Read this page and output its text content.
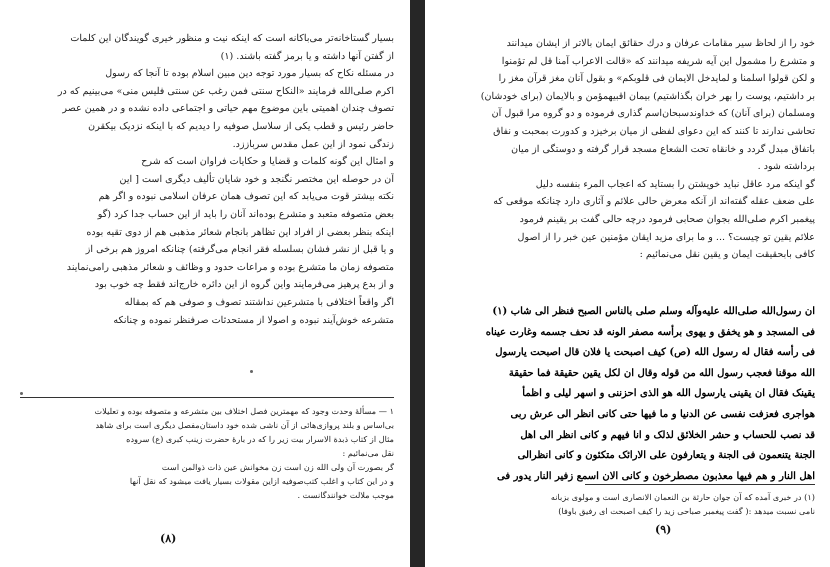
بسیار گستاخانه‌تر می‌باکانه است که اینکه نیت و منظور خیری گویندگان این کلمات
از گفتن آنها داشته و یا برمز گفته باشند. (۱)
در مسئله نکاح که بسیار مورد توجه دین مبین اسلام بوده تا آنجا که رسول
اکرم صلی‌الله فرمایند «النکاح سنتی فمن رغب عن سنتی فلیس منی» می‌بینیم که در
تصوف چندان اهمیتی باین موضوع مهم حیاتی و اجتماعی داده نشده و در همین عصر
حاضر رئیس و قطب یکی از سلاسل صوفیه را دیدیم که با اینکه نزدیک بیکقرن
زندگی نمود از این عمل مقدس سرباززد.
و امثال این گونه کلمات و قضایا و حکایات فراوان است که شرح
آن در حوصله این مختصر نگنجد و خود شایان تألیف دیگری است [ این
نکته بیشتر قوت می‌یابد که این تصوف همان عرفان اسلامی نبوده و اگر هم
بعض متصوفه متعبد و متشرع بوده‌اند آنان را باید از این حساب جدا کرد (گو
اینکه بنظر بعضی از افراد این تظاهر بانجام شعائر مذهبی هم از دوی تقیه بوده
و یا قبل از نشر فشان بسلسله فقر انجام می‌گرفته) چنانکه امروز هم برخی از
متصوفه زمان ما متشرع بوده و مراعات حدود و وظائف و شعائر مذهبی رامی‌نمایند
و از بدع پرهیز می‌فرمایند واین گروه از این دائره خارج‌اند فقط چه خوب بود
اگر واقعاً اختلافی با متشرعین نداشتند تصوف و صوفی هم که بمقاله
متشرعه خوش‌آیند نبوده و اصولا از مستحدثات صرفنظر نموده و چنانکه
۱ — مسألهٔ وحدت وجود که مهمترین فصل اختلاف بین متشرعه و متصوفه بوده و تعلیلات
بی‌اساس و بلند پروازی‌هائی از آن ناشی شده خود داستان‌مفصل دیگری است برای شاهد
مثال از کتاب ذبدة الاسرار بیت زیر را که در بارهٔ حضرت زینب کبری (ع) سروده
نقل می‌نمائیم :
گر بصورت آن ولی الله زن است زن مخوانش عین ذات ذوالمن است
و در این کتاب و اغلب کتب‌صوفیه ازاین مقولات بسیار یافت میشود که نقل آنها
موجب ملالت خوانندگانست .
(۸)
خود را از لحاظ سیر مقامات عرفان و درك حقائق ایمان بالاتر از ایشان میدانند
و متشرع را مشمول این آیه شریفه میدانند که «قالت الاعراب آمنا قل لم تؤمنوا
و لکن قولوا اسلمنا و لمایدخل الایمان فی قلوبکم» و بقول آنان مغز قرآن مغز را
بر داشتیم، پوست را بهر خران بگذاشتیم) بیمان اقبیهمؤمن و بالایمان (برای خودشان)
ومسلمان (برای آنان) که خداوندسبحان‌اسم گذاری فرموده و دو گروه مرا قبول آن
تحاشی ندارند تا کنند که این دعوای لفظی از میان برخیزد و کدورت بمحبت و نفاق
باتفاق مبدل گردد و خانقاه تحت الشعاع مسجد قرار گرفته و دوستگی از میان
برداشته شود .
گو اینکه مرد عاقل نباید خویشتن را بستاید که اعجاب المرء بنفسه دلیل
علی ضعف عقله گفته‌اند از آنکه معرض حالی علائم و آثاری دارد چنانکه موقعی که
پیغمبر اکرم صلی‌الله بجوان صحابی فرمود درچه حالی گفت بر یقینم فرمود
علائم یقین تو چیست؟ ... و ما برای مزید ایقان مؤمنین عین خبر را از اصول
کافی بابحقیقت ایمان و یقین نقل می‌نمائیم :
ان رسول‌الله صلی‌الله علیه‌وآله وسلم صلی بالناس الصبح فنظر الی شاب (۱)
فی المسجد و هو یخفق و یهوی برأسه مصفر الونه قد نحف جسمه وغارت عیناه
فی رأسه فقال له رسول الله (ص) کیف اصبحت یا فلان قال اصبحت یارسول
الله موقنا فعجب رسول الله من قوله وقال ان لکل یقین حقیقة فما حقیقة
یقینک فقال ان یقینی یارسول الله هو الذی احزننی و اسهر لیلی و اظمأ
هواجری فعزفت نفسی عن الدنیا و ما فیها حتی کانی انظر الی عرش ربی
قد نصب للحساب و حشر الخلائق لذلک و انا فیهم و کانی انظر الی اهل
الجنة یتنعمون فی الجنة و یتعارفون علی الارائک متکئون و کانی انظرالی
اهل النار و هم فیها معذبون مصطرخون و کانی الان اسمع زفیر النار یدور فی
(۱) در خبری آمده که آن جوان حارثة بن النعمان الانصاری است و مولوی بزبانه
نامی نسبت میدهد :( گفت پیغمبر صباحی زید را کیف اصبحت ای رفیق باوفا)
(۹)
